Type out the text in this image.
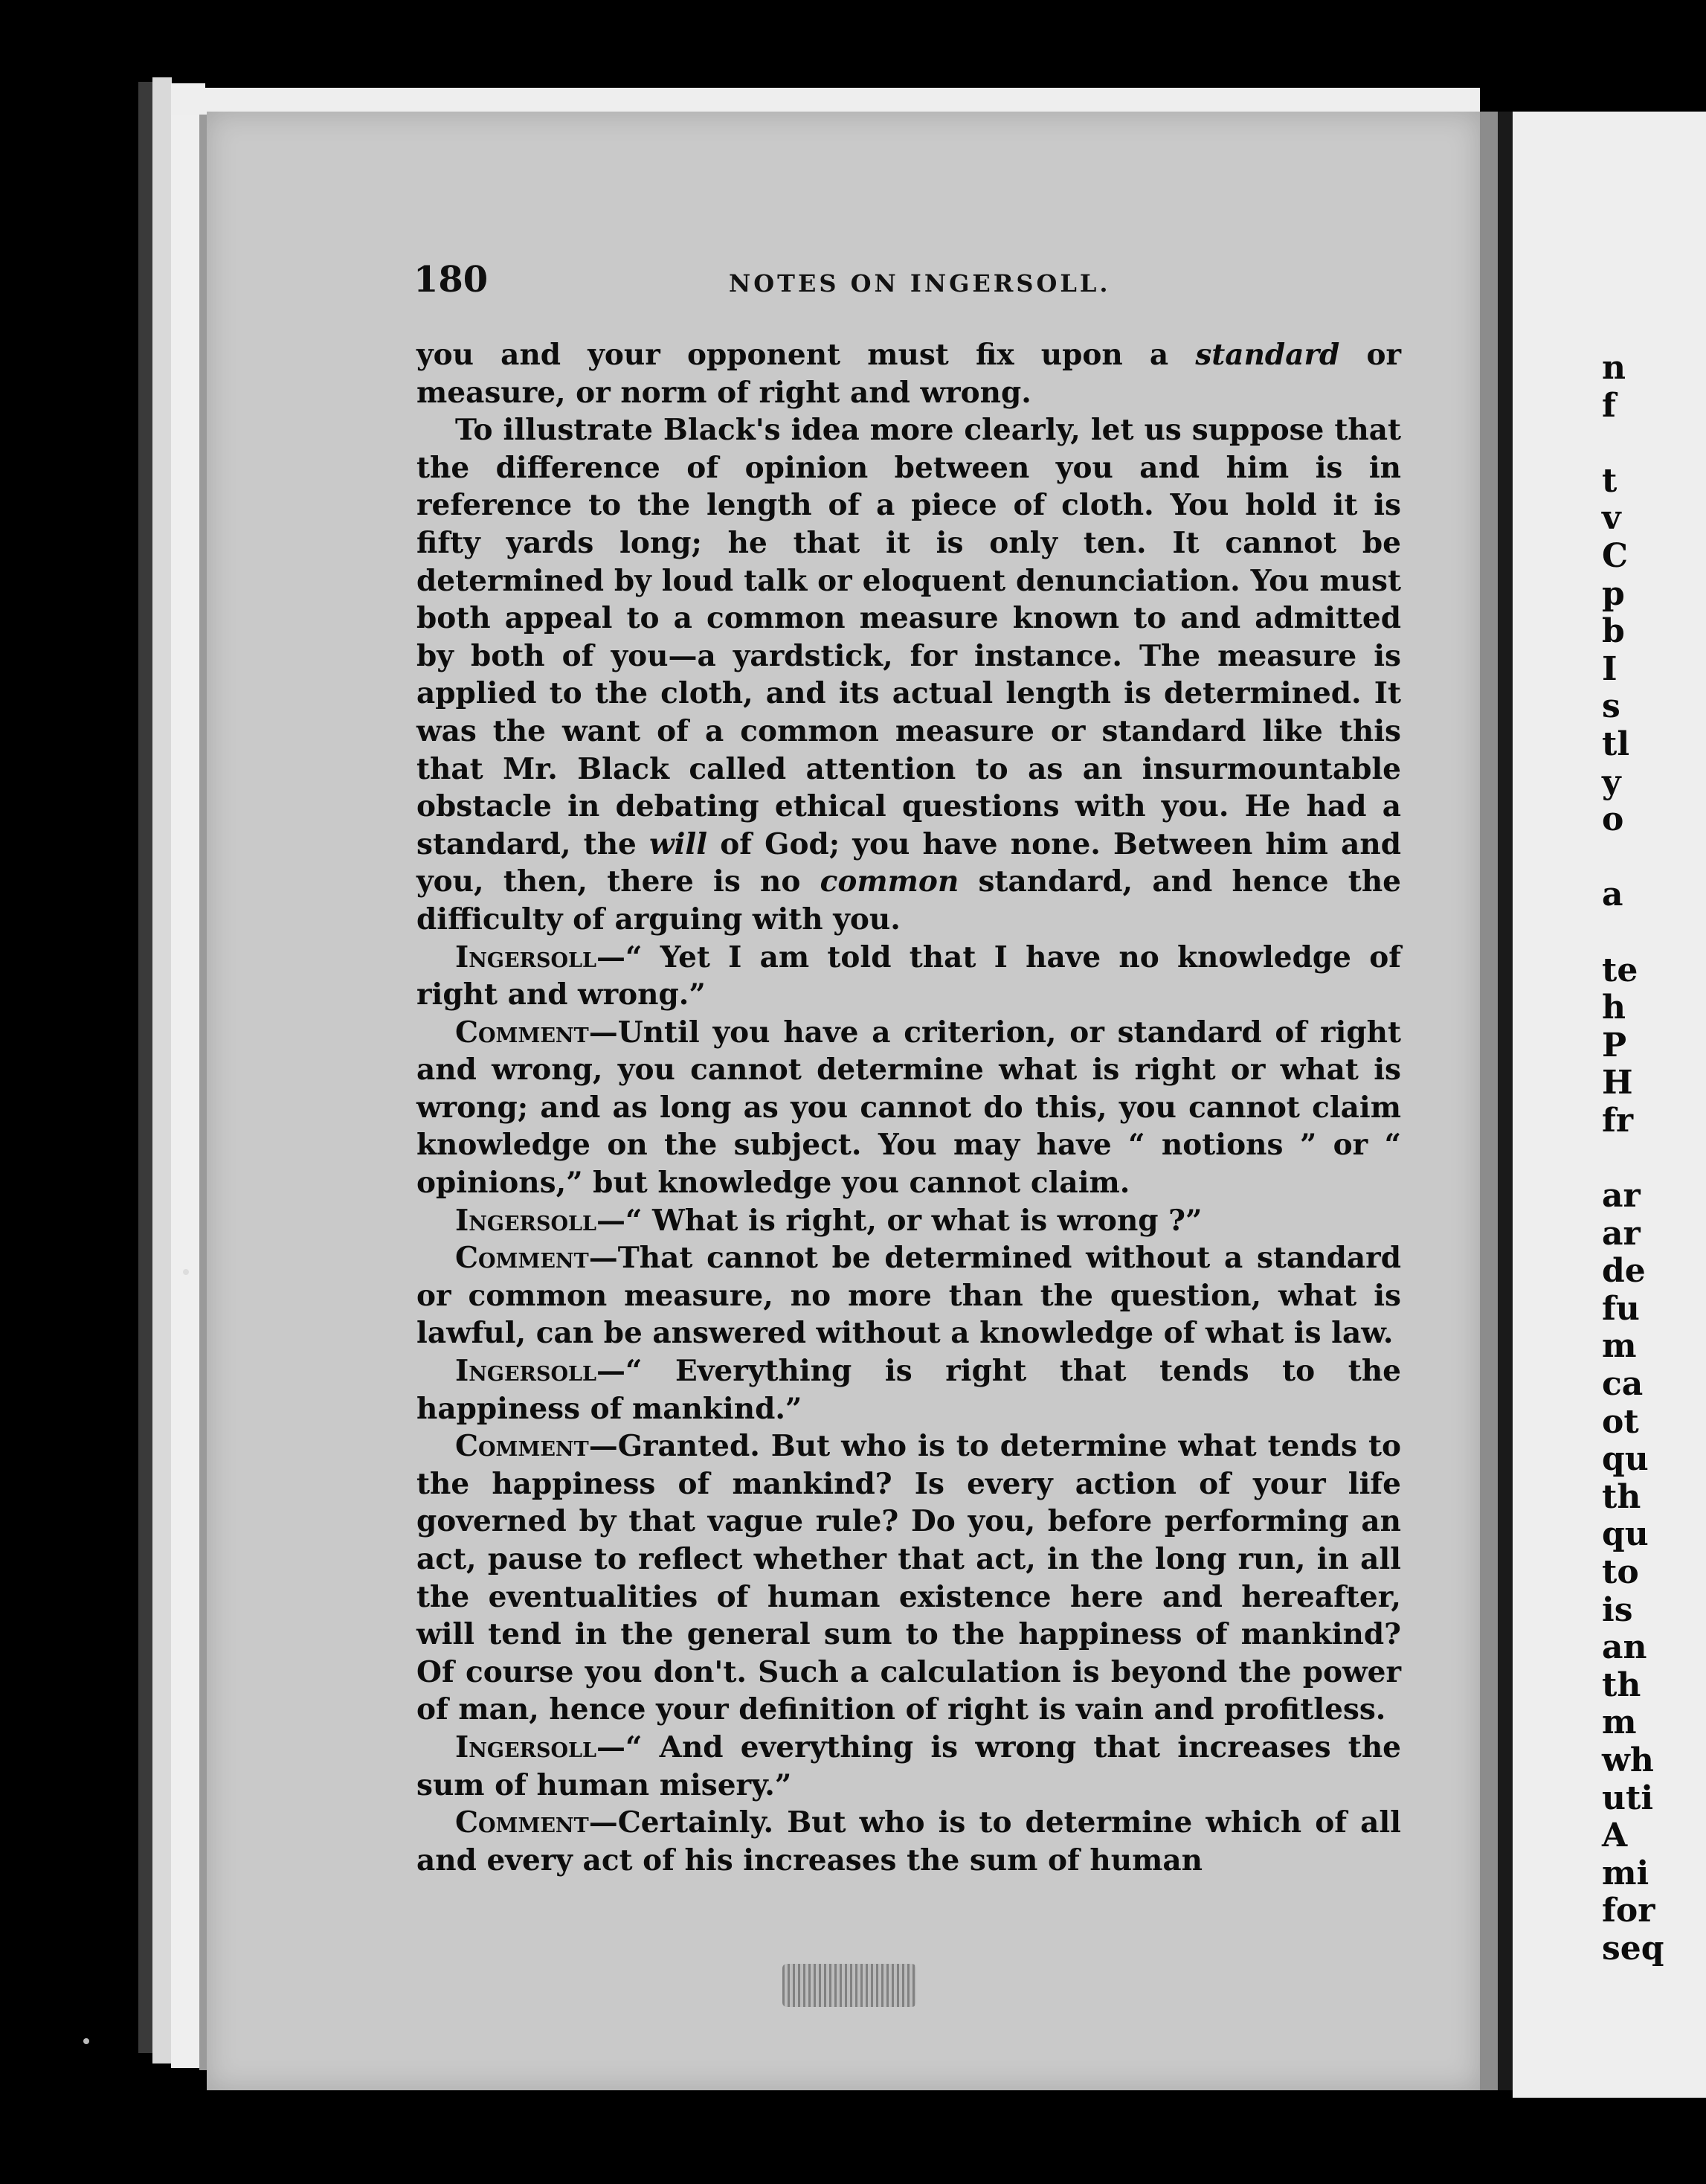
n
f

t
v
C
p
b
I
s
tl
y
o

a

te
h
P
H
fr

ar
ar
de
fu
m
ca
ot
qu
th
qu
to
is
an
th
m
wh
uti
A
mi
for
seq
180	NOTES ON INGERSOLL.

you and your opponent must fix upon a standard or measure, or norm of right and wrong.

To illustrate Black's idea more clearly, let us suppose that the difference of opinion between you and him is in reference to the length of a piece of cloth. You hold it is fifty yards long; he that it is only ten. It cannot be determined by loud talk or eloquent denunciation. You must both appeal to a common measure known to and admitted by both of you—a yardstick, for instance. The measure is applied to the cloth, and its actual length is determined. It was the want of a common measure or standard like this that Mr. Black called attention to as an insurmountable obstacle in debating ethical questions with you. He had a standard, the will of God; you have none. Between him and you, then, there is no common standard, and hence the difficulty of arguing with you.

Ingersoll—“ Yet I am told that I have no knowledge of right and wrong.”

Comment—Until you have a criterion, or standard of right and wrong, you cannot determine what is right or what is wrong; and as long as you cannot do this, you cannot claim knowledge on the subject. You may have “ notions ” or “ opinions,” but knowledge you cannot claim.

Ingersoll—“ What is right, or what is wrong ?”

Comment—That cannot be determined without a standard or common measure, no more than the question, what is lawful, can be answered without a knowledge of what is law.

Ingersoll—“ Everything is right that tends to the happiness of mankind.”

Comment—Granted. But who is to determine what tends to the happiness of mankind? Is every action of your life governed by that vague rule? Do you, before performing an act, pause to reflect whether that act, in the long run, in all the eventualities of human existence here and hereafter, will tend in the general sum to the happiness of mankind? Of course you don't. Such a calculation is beyond the power of man, hence your definition of right is vain and profitless.

Ingersoll—“ And everything is wrong that increases the sum of human misery.”

Comment—Certainly. But who is to determine which of all and every act of his increases the sum of human
